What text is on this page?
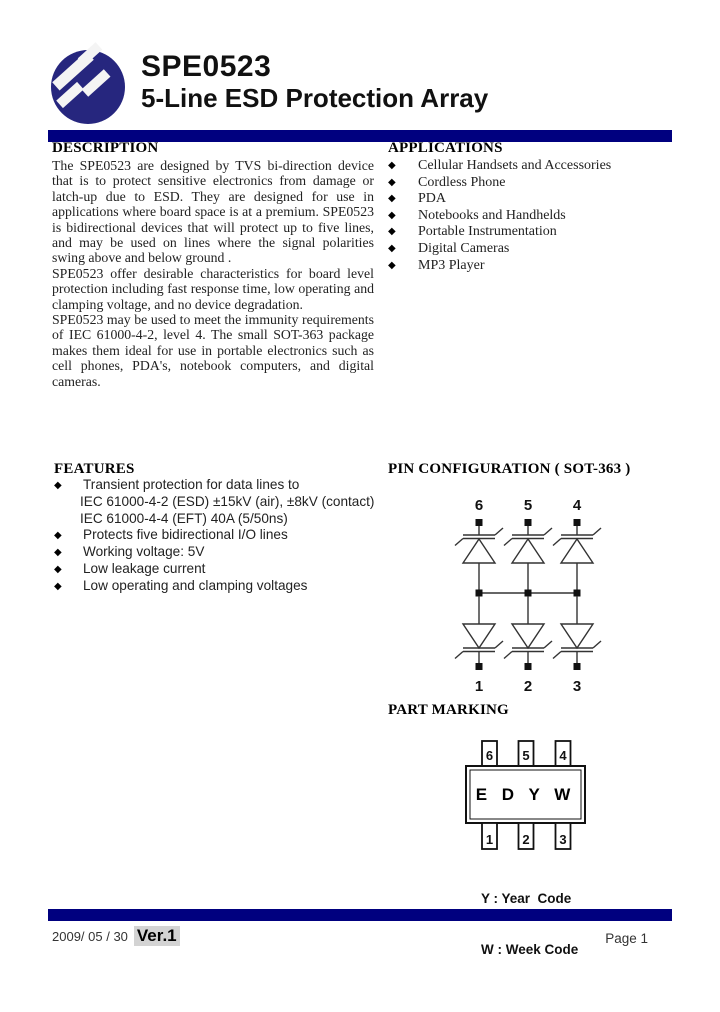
SPE0523
5-Line ESD Protection Array
DESCRIPTION

The SPE0523 are designed by TVS bi-direction device that is to protect sensitive electronics from damage or latch-up due to ESD. They are designed for use in applications where board space is at a premium. SPE0523 is bidirectional devices that will protect up to five lines, and may be used on lines where the signal polarities swing above and below ground .

SPE0523 offer desirable characteristics for board level protection including fast response time, low operating and clamping voltage, and no device degradation.

SPE0523 may be used to meet the immunity requirements of IEC 61000-4-2, level 4. The small SOT-363 package makes them ideal for use in portable electronics such as cell phones, PDA's, notebook computers, and digital cameras.

APPLICATIONS
◆	Cellular Handsets and Accessories
◆	Cordless Phone
◆	PDA
◆	Notebooks and Handhelds
◆	Portable Instrumentation
◆	Digital Cameras
◆	MP3 Player
FEATURES
◆	Transient protection for data lines to
IEC 61000-4-2 (ESD) ±15kV (air), ±8kV (contact)
IEC 61000-4-4 (EFT) 40A (5/50ns)
◆	Protects five bidirectional I/O lines
◆	Working voltage: 5V
◆	Low leakage current
◆	Low operating and clamping voltages
PIN CONFIGURATION ( SOT-363 )
6
1
5
2
4
3
PART MARKING
6 5 4
E D Y W
1 2 3

Y : Year  Code

W : Week Code

2009/ 05 / 30 Ver.1	Page 1
